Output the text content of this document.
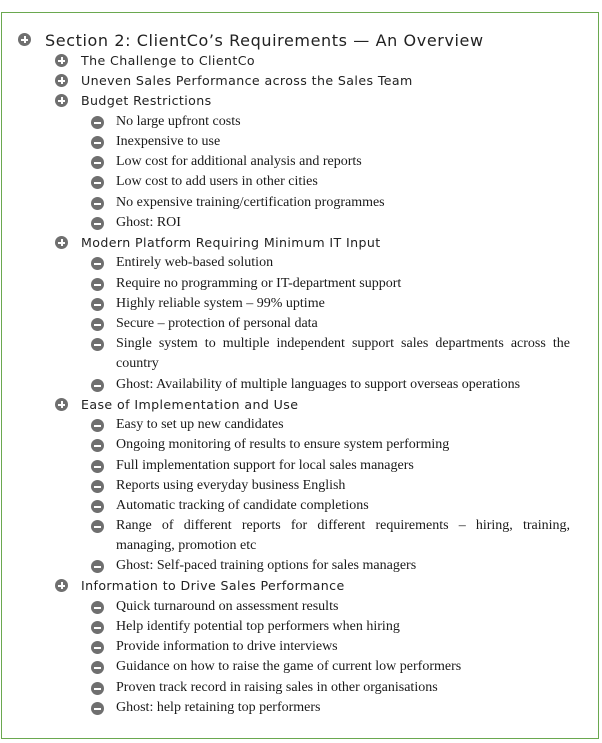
Section 2: ClientCo’s Requirements — An Overview
The Challenge to ClientCo
Uneven Sales Performance across the Sales Team
Budget Restrictions
No large upfront costs
Inexpensive to use
Low cost for additional analysis and reports
Low cost to add users in other cities
No expensive training/certification programmes
Ghost: ROI
Modern Platform Requiring Minimum IT Input
Entirely web-based solution
Require no programming or IT-department support
Highly reliable system – 99% uptime
Secure – protection of personal data
Single system to multiple independent support sales departments across the country
Ghost: Availability of multiple languages to support overseas operations
Ease of Implementation and Use
Easy to set up new candidates
Ongoing monitoring of results to ensure system performing
Full implementation support for local sales managers
Reports using everyday business English
Automatic tracking of candidate completions
Range of different reports for different requirements – hiring, training, managing, promotion etc
Ghost: Self-paced training options for sales managers
Information to Drive Sales Performance
Quick turnaround on assessment results
Help identify potential top performers when hiring
Provide information to drive interviews
Guidance on how to raise the game of current low performers
Proven track record in raising sales in other organisations
Ghost: help retaining top performers
